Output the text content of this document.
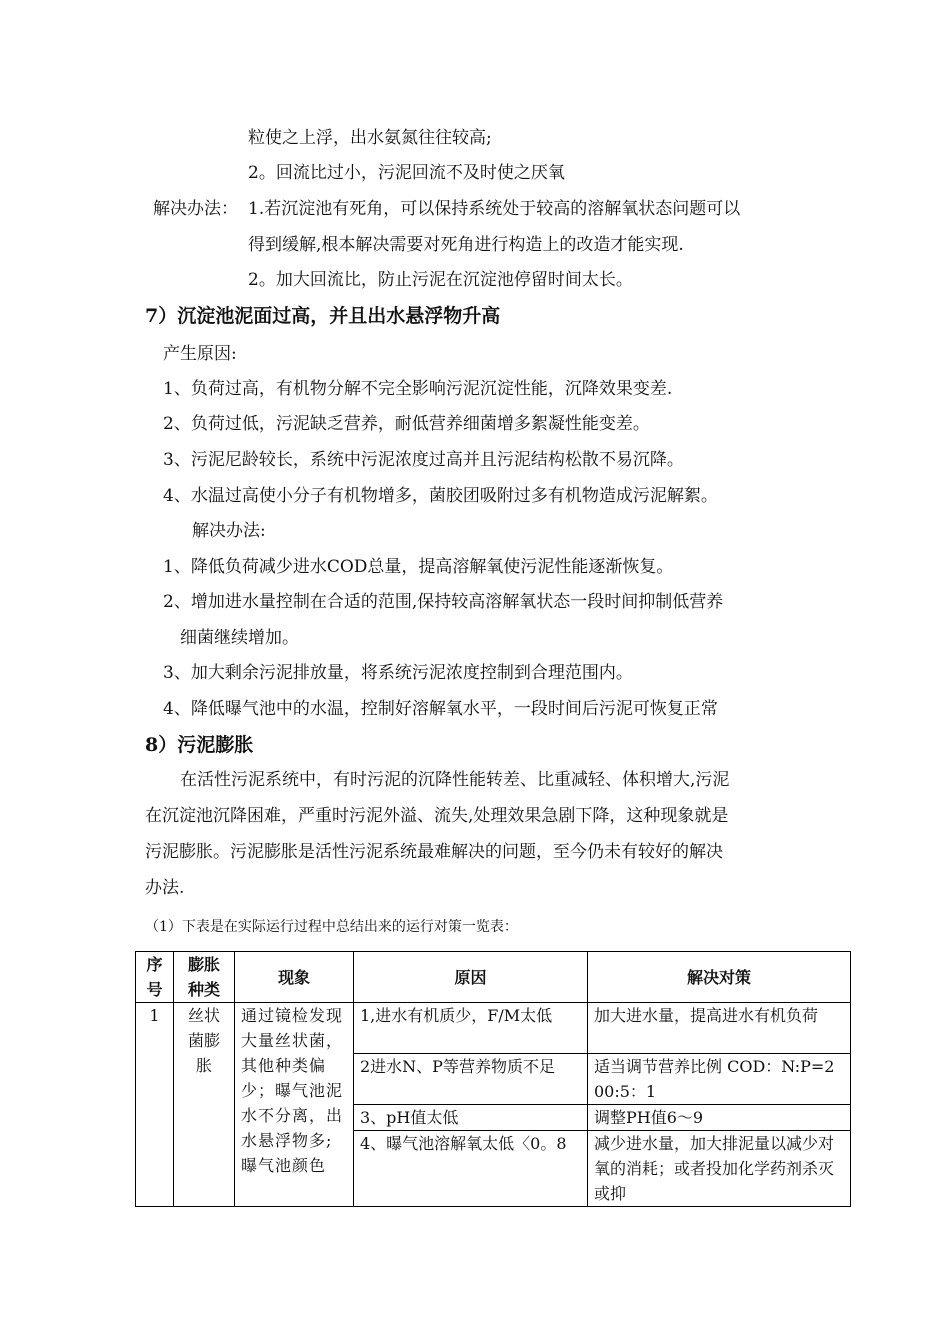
粒使之上浮，出水氨氮往往较高;
2。回流比过小，污泥回流不及时使之厌氧
解决办法： 1.若沉淀池有死角，可以保持系统处于较高的溶解氧状态问题可以
得到缓解,根本解决需要对死角进行构造上的改造才能实现.
2。加大回流比，防止污泥在沉淀池停留时间太长。
7）沉淀池泥面过高，并且出水悬浮物升高
产生原因:
1、负荷过高，有机物分解不完全影响污泥沉淀性能，沉降效果变差.
2、负荷过低，污泥缺乏营养，耐低营养细菌增多絮凝性能变差。
3、污泥尼龄较长，系统中污泥浓度过高并且污泥结构松散不易沉降。
4、水温过高使小分子有机物增多，菌胶团吸附过多有机物造成污泥解絮。
解决办法:
1、降低负荷减少进水COD总量，提高溶解氧使污泥性能逐渐恢复。
2、增加进水量控制在合适的范围,保持较高溶解氧状态一段时间抑制低营养
细菌继续增加。
3、加大剩余污泥排放量，将系统污泥浓度控制到合理范围内。
4、降低曝气池中的水温，控制好溶解氧水平，一段时间后污泥可恢复正常
8）污泥膨胀
在活性污泥系统中，有时污泥的沉降性能转差、比重减轻、体积增大,污泥
在沉淀池沉降困难，严重时污泥外溢、流失,处理效果急剧下降，这种现象就是
污泥膨胀。污泥膨胀是活性污泥系统最难解决的问题，至今仍未有较好的解决
办法.
（1）下表是在实际运行过程中总结出来的运行对策一览表：
序号	膨胀种类	现象	原因	解决对策
1	丝状菌膨胀	通过镜检发现大量丝状菌，其他种类偏少；曝气池泥水不分离，出水悬浮物多;曝气池颜色	1,进水有机质少，F/M太低	加大进水量，提高进水有机负荷

			2进水N、P等营养物质不足	适当调节营养比例 COD：N:P=200:5：1

			3、pH值太低	调整PH值6～9

			4、曝气池溶解氧太低〈0。8	减少进水量，加大排泥量以减少对氧的消耗；或者投加化学药剂杀灭或抑
